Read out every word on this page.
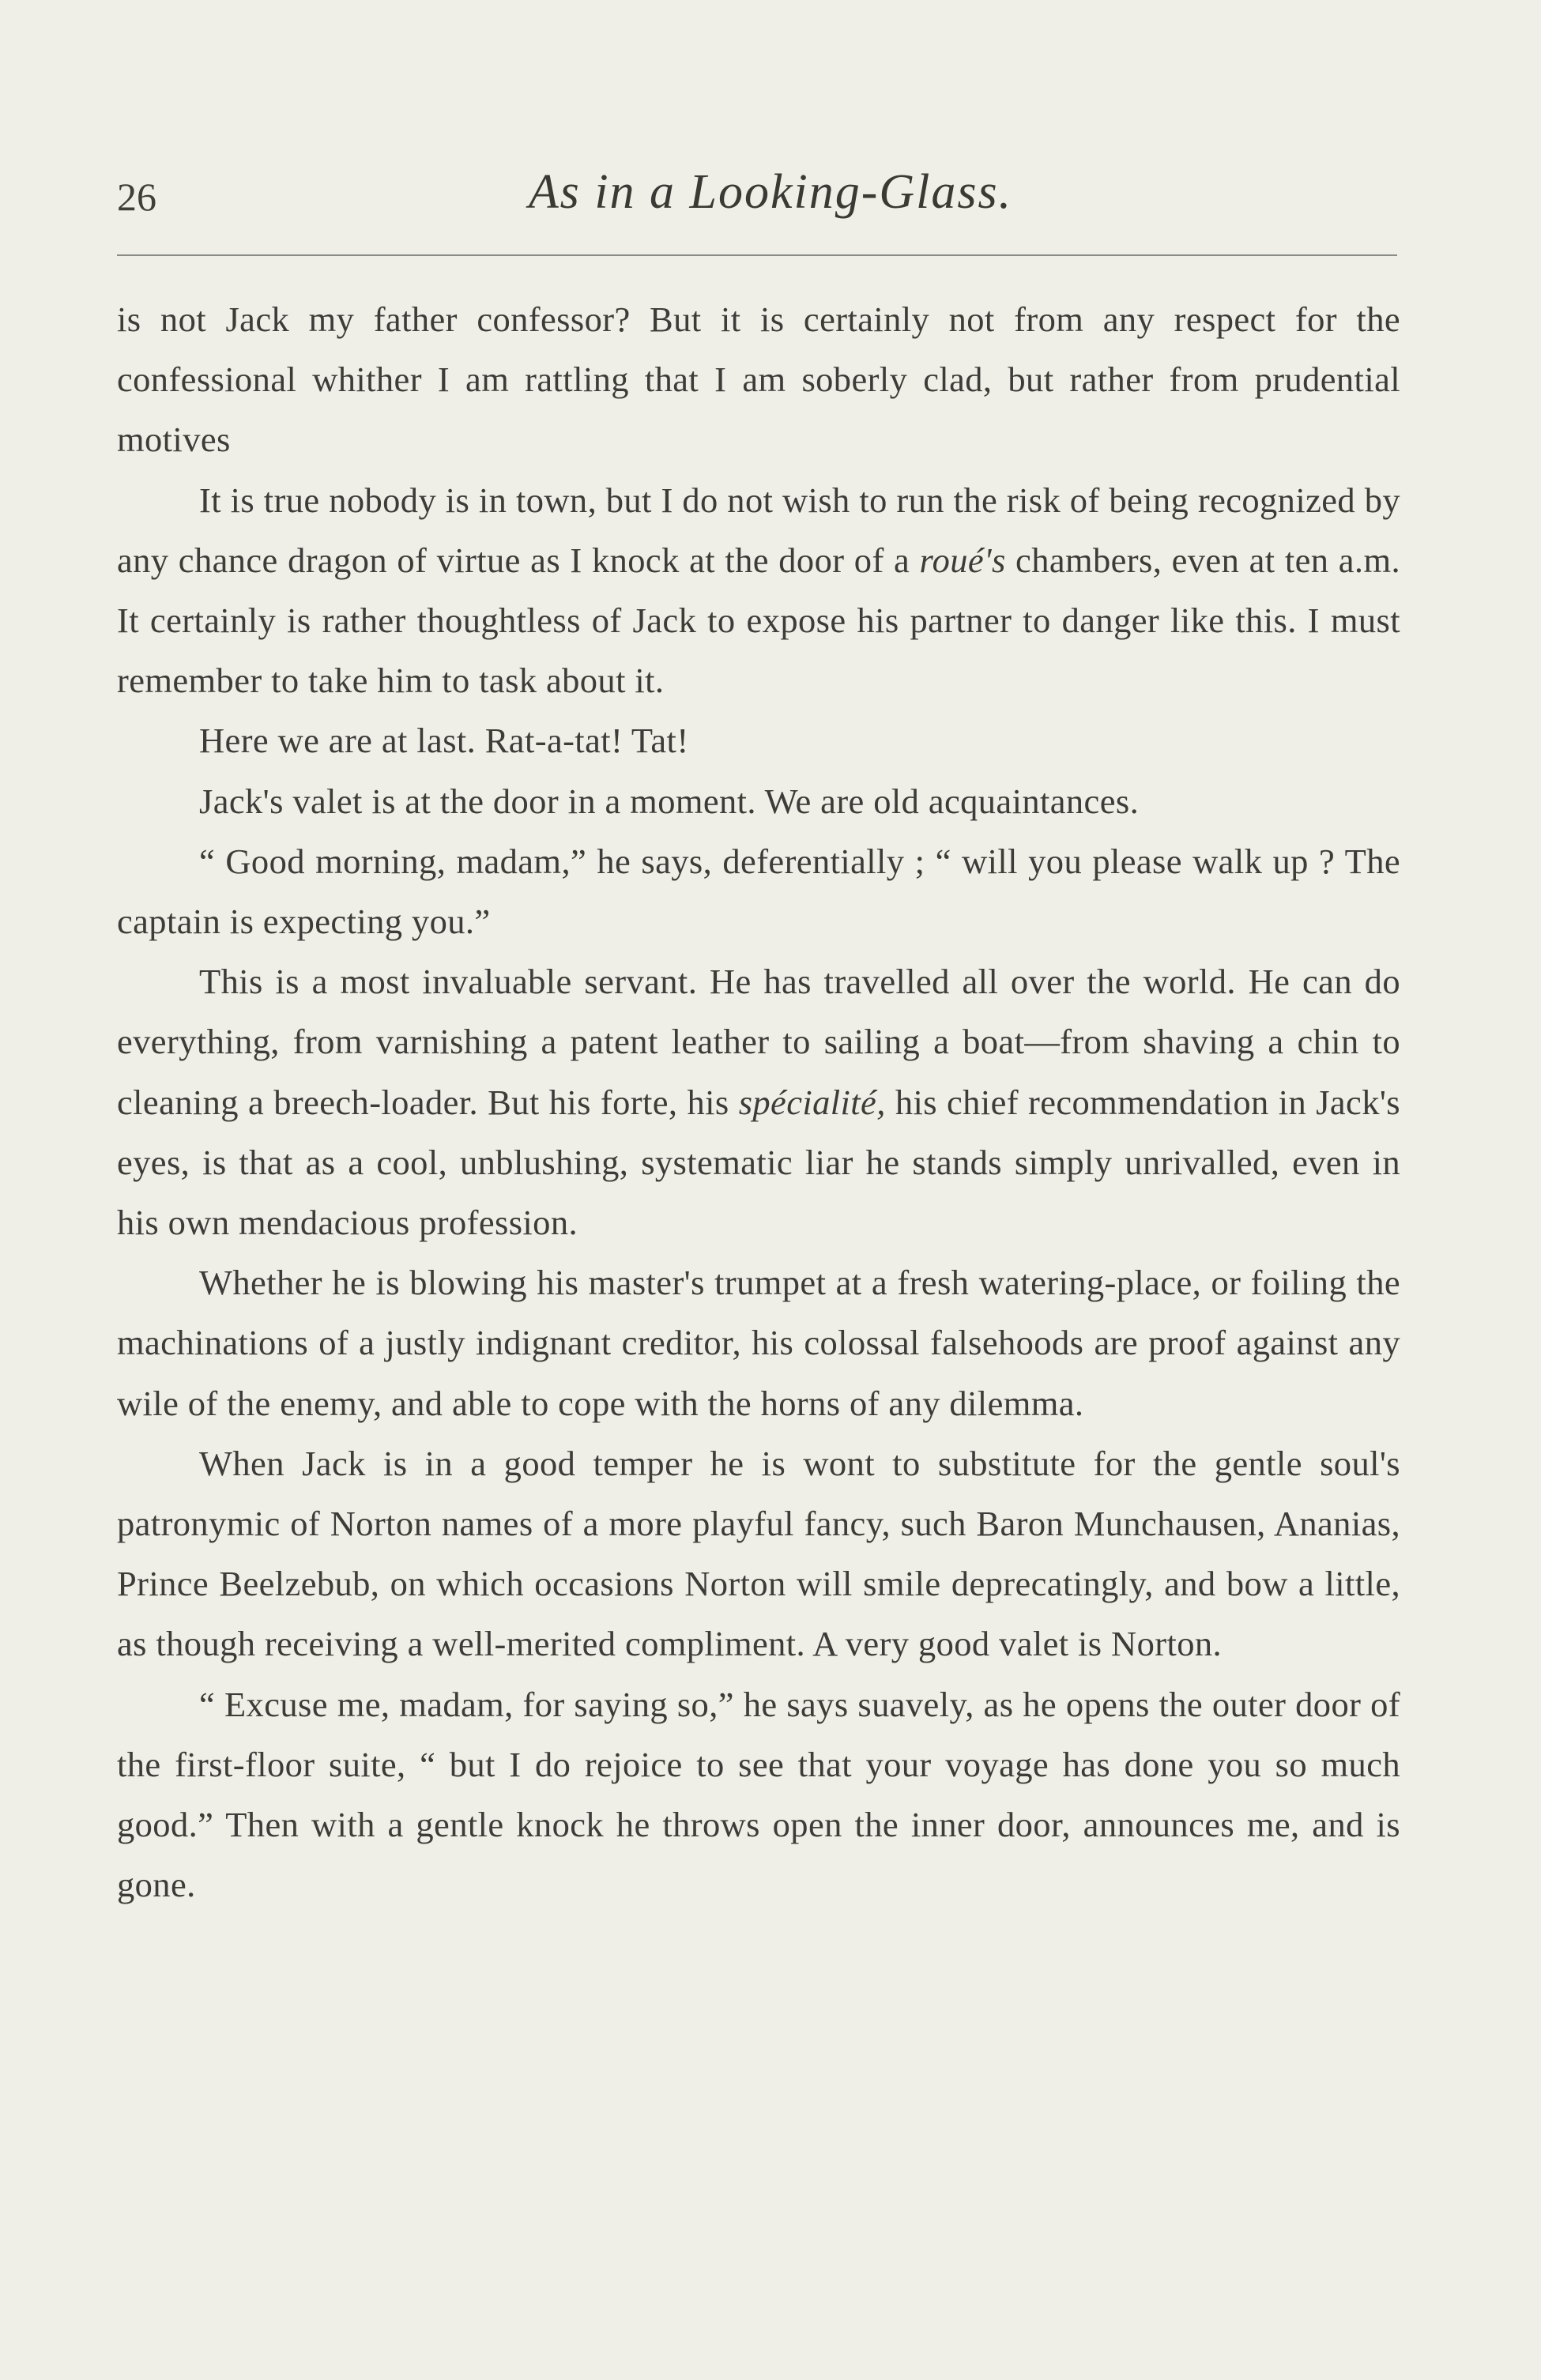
26	As in a Looking-Glass.

is not Jack my father confessor? But it is certainly not from any respect for the confessional whither I am rattling that I am soberly clad, but rather from prudential motives

It is true nobody is in town, but I do not wish to run the risk of being recognized by any chance dragon of virtue as I knock at the door of a roué's chambers, even at ten a.m. It certainly is rather thoughtless of Jack to expose his partner to danger like this. I must remember to take him to task about it.

Here we are at last. Rat-a-tat! Tat!

Jack's valet is at the door in a moment. We are old acquaintances.

“ Good morning, madam,” he says, deferentially ; “ will you please walk up ? The captain is expecting you.”

This is a most invaluable servant. He has travelled all over the world. He can do everything, from varnishing a patent leather to sailing a boat—from shaving a chin to cleaning a breech-loader. But his forte, his spécialité, his chief recommendation in Jack's eyes, is that as a cool, unblushing, systematic liar he stands simply unrivalled, even in his own mendacious profession.

Whether he is blowing his master's trumpet at a fresh watering-place, or foiling the machinations of a justly indignant creditor, his colossal falsehoods are proof against any wile of the enemy, and able to cope with the horns of any dilemma.

When Jack is in a good temper he is wont to substitute for the gentle soul's patronymic of Norton names of a more playful fancy, such Baron Munchausen, Ananias, Prince Beelzebub, on which occasions Norton will smile deprecatingly, and bow a little, as though receiving a well-merited compliment. A very good valet is Norton.

“ Excuse me, madam, for saying so,” he says suavely, as he opens the outer door of the first-floor suite, “ but I do rejoice to see that your voyage has done you so much good.” Then with a gentle knock he throws open the inner door, announces me, and is gone.
